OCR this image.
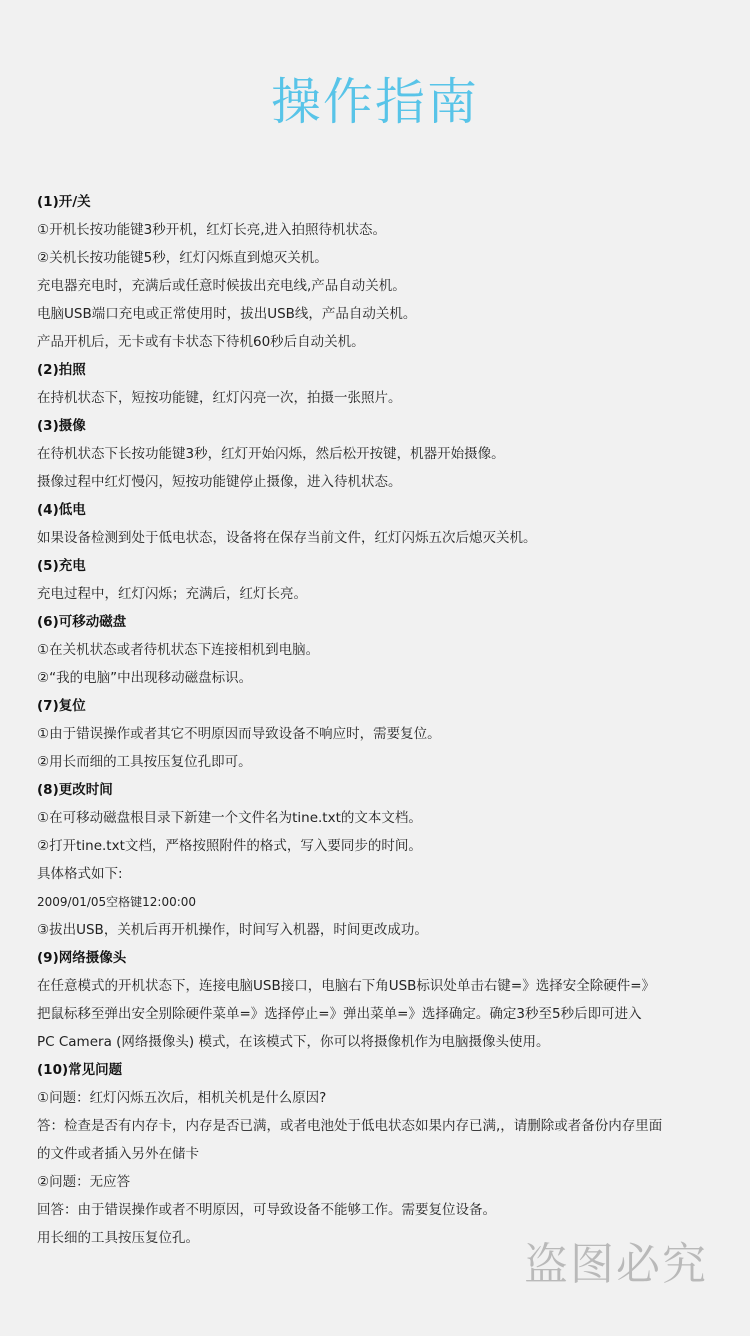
操作指南
(1)开/关
①开机长按功能键3秒开机，红灯长亮,进入拍照待机状态。
②关机长按功能键5秒，红灯闪烁直到熄灭关机。
充电器充电时，充满后或任意时候拔出充电线,产品自动关机。
电脑USB端口充电或正常使用时，拔出USB线，产品自动关机。
产品开机后，无卡或有卡状态下待机60秒后自动关机。
(2)拍照
在持机状态下，短按功能键，红灯闪亮一次，拍摄一张照片。
(3)摄像
在待机状态下长按功能键3秒，红灯开始闪烁，然后松开按键，机器开始摄像。
摄像过程中红灯慢闪，短按功能键停止摄像，进入待机状态。
(4)低电
如果设备检测到处于低电状态，设备将在保存当前文件，红灯闪烁五次后熄灭关机。
(5)充电
充电过程中，红灯闪烁；充满后，红灯长亮。
(6)可移动磁盘
①在关机状态或者待机状态下连接相机到电脑。
②“我的电脑”中出现移动磁盘标识。
(7)复位
①由于错误操作或者其它不明原因而导致设备不响应时，需要复位。
②用长而细的工具按压复位孔即可。
(8)更改时间
①在可移动磁盘根目录下新建一个文件名为tine.txt的文本文档。
②打开tine.txt文档，严格按照附件的格式，写入要同步的时间。
具体格式如下:
2009/01/05空格键12:00:00
③拔出USB，关机后再开机操作，时间写入机器，时间更改成功。
(9)网络摄像头
在任意模式的开机状态下，连接电脑USB接口，电脑右下角USB标识处单击右键=》选择安全除硬件=》
把鼠标移至弹出安全别除硬件菜单=》选择停止=》弹出菜单=》选择确定。确定3秒至5秒后即可进入
PC Camera (网络摄像头) 模式，在该模式下，你可以将摄像机作为电脑摄像头使用。
(10)常见问题
①问题：红灯闪烁五次后，相机关机是什么原因?
答：检查是否有内存卡，内存是否已满，或者电池处于低电状态如果内存已满,，请删除或者备份内存里面
的文件或者插入另外在储卡
②问题：无应答
回答：由于错误操作或者不明原因，可导致设备不能够工作。需要复位设备。
用长细的工具按压复位孔。
盗图必究
